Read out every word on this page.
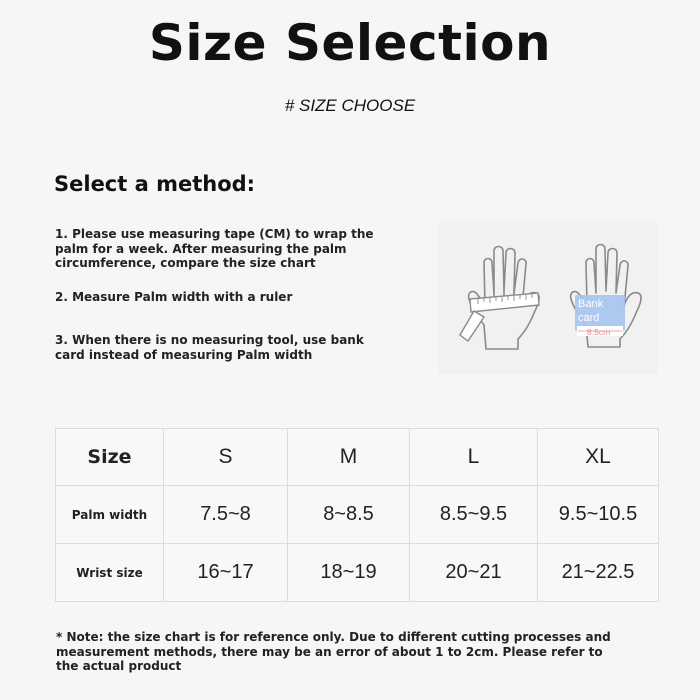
Size Selection
# SIZE CHOOSE
Select a method:
1. Please use measuring tape (CM) to wrap the palm for a week. After measuring the palm circumference, compare the size chart
2. Measure Palm width with a ruler
3. When there is no measuring tool, use bank card instead of measuring Palm width
Bank
card
8.5cm
Size	S	M	L	XL
Palm width	7.5~8	8~8.5	8.5~9.5	9.5~10.5
Wrist size	16~17	18~19	20~21	21~22.5
* Note: the size chart is for reference only. Due to different cutting processes and measurement methods, there may be an error of about 1 to 2cm. Please refer to the actual product
